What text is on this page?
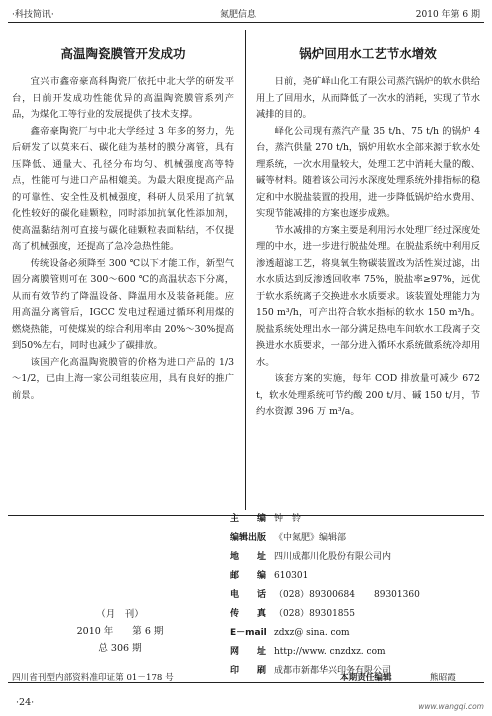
·科技简讯·	氮肥信息	2010 年第 6 期
高温陶瓷膜管开发成功

宜兴市鑫帝豪高科陶瓷厂依托中北大学的研发平台，日前开发成功性能优异的高温陶瓷膜管系列产品，为煤化工等行业的发展提供了技术支撑。

鑫帝豪陶瓷厂与中北大学经过 3 年多的努力，先后研发了以莫来石、碳化硅为基材的膜分离管，具有压降低、通量大、孔径分布均匀、机械强度高等特点，性能可与进口产品相媲美。为最大限度提高产品的可靠性、安全性及机械强度，科研人员采用了抗氧化性较好的碳化硅颗粒，同时添加抗氧化性添加剂，使高温黏结剂可直接与碳化硅颗粒表面粘结，不仅提高了机械强度，还提高了急冷急热性能。

传统设备必须降至 300 ℃以下才能工作，新型气固分离膜管则可在 300～600 ℃的高温状态下分离，从而有效节约了降温设备、降温用水及装备耗能。应用高温分离管后，IGCC 发电过程通过循环利用煤的燃烧热能，可使煤炭的综合利用率由 20%～30%提高到50%左右，同时也减少了碳排放。

该国产化高温陶瓷膜管的价格为进口产品的 1/3～1/2，已由上海一家公司组装应用，具有良好的推广前景。

锅炉回用水工艺节水增效

日前，尧矿峄山化工有限公司蒸汽锅炉的软水供给用上了回用水，从而降低了一次水的消耗，实现了节水减排的目的。

峄化公司现有蒸汽产量 35 t/h、75 t/h 的锅炉 4 台，蒸汽供量 270 t/h，锅炉用软水全部来源于软水处理系统，一次水用量较大，处理工艺中消耗大量的酸、碱等材料。随着该公司污水深度处理系统外排指标的稳定和中水脱盐装置的投用，进一步降低锅炉给水费用、实现节能减排的方案也逐步成熟。

节水减排的方案主要是利用污水处理厂经过深度处理的中水，进一步进行脱盐处理。在脱盐系统中利用反渗透超滤工艺，将臭氧生物碳装置改为活性炭过滤，出水水质达到反渗透回收率 75%，脱盐率≥97%，远优于软水系统离子交换进水水质要求。该装置处理能力为 150 m³/h，可产出符合软水指标的软水 150 m³/h。脱盐系统处理出水一部分满足热电车间软水工段离子交换进水水质要求，一部分进入循环水系统做系统冷却用水。

该套方案的实施，每年 COD 排放量可减少 672 t，软水处理系统可节约酸 200 t/月、碱 150 t/月，节约水资源 396 万 m³/a。

（月　刊）
2010 年　　第 6 期
总 306 期
主　　编 钟　铃
编辑出版 《中氮肥》编辑部
地　　址 四川成都川化股份有限公司内
邮　　编 610301
电　　话 （028）89300684 89301360
传　　真 （028）89301855
E－mail zdxz@ sina. com
网　　址 http://www. cnzdxz. com
印　　刷 成都市新都华兴印务有限公司
四川省刊型内部资料准印证第 01－178 号	本期责任编辑	熊昭霞
·24·	www.wangqi.com
